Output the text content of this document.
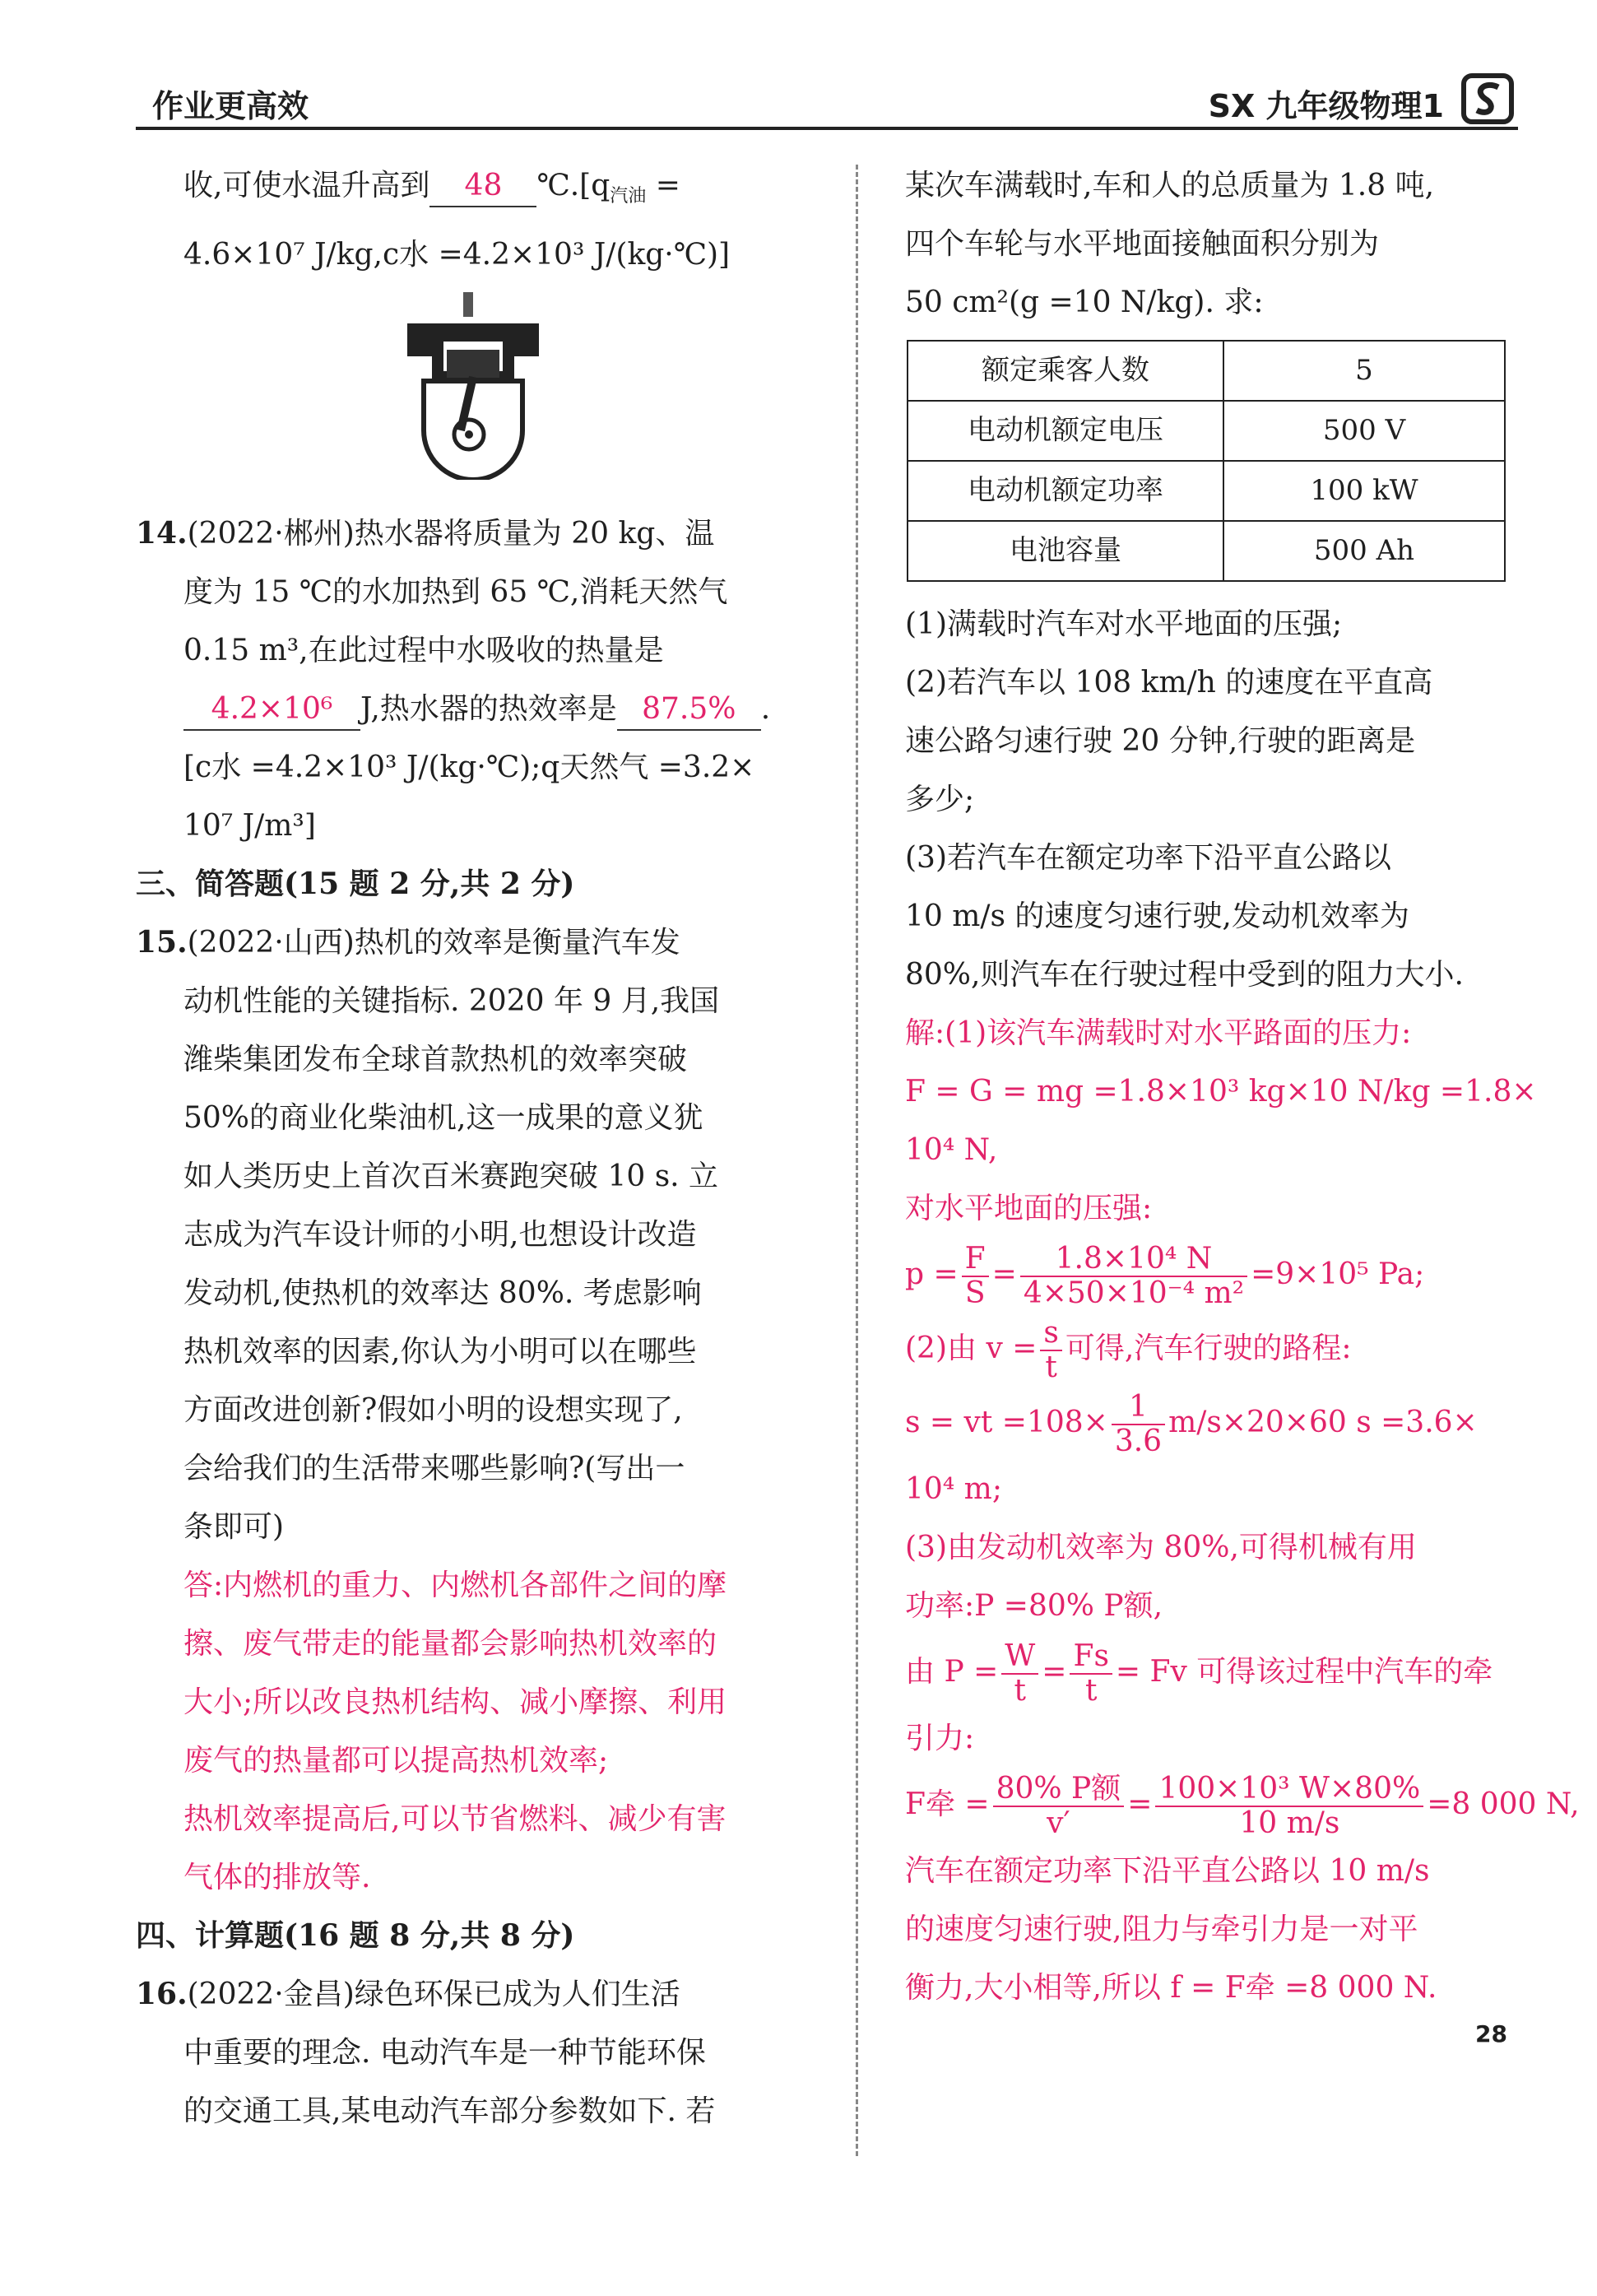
作业更高效	SX 九年级物理1
收,可使水温升高到 48 $℃.[q_{汽油}$ =
4.6×10⁷ J/kg,c水 =4.2×10³ J/(kg·℃)]
14.(2022·郴州)热水器将质量为 20 kg、温
度为 15 ℃的水加热到 65 ℃,消耗天然气
0.15 m³,在此过程中水吸收的热量是
4.2×10⁶ J,热水器的热效率是 87.5% .
[c水 =4.2×10³ J/(kg·℃);q天然气 =3.2×
10⁷ J/m³]
三、简答题(15 题 2 分,共 2 分)
15.(2022·山西)热机的效率是衡量汽车发
动机性能的关键指标. 2020 年 9 月,我国
潍柴集团发布全球首款热机的效率突破
50%的商业化柴油机,这一成果的意义犹
如人类历史上首次百米赛跑突破 10 s. 立
志成为汽车设计师的小明,也想设计改造
发动机,使热机的效率达 80%. 考虑影响
热机效率的因素,你认为小明可以在哪些
方面改进创新?假如小明的设想实现了,
会给我们的生活带来哪些影响?(写出一
条即可)
答:内燃机的重力、内燃机各部件之间的摩
擦、废气带走的能量都会影响热机效率的
大小;所以改良热机结构、减小摩擦、利用
废气的热量都可以提高热机效率;
热机效率提高后,可以节省燃料、减少有害
气体的排放等.
四、计算题(16 题 8 分,共 8 分)
16.(2022·金昌)绿色环保已成为人们生活
中重要的理念. 电动汽车是一种节能环保
的交通工具,某电动汽车部分参数如下. 若
某次车满载时,车和人的总质量为 1.8 吨,
四个车轮与水平地面接触面积分别为
50 cm²(g =10 N/kg). 求:
额定乘客人数	5
电动机额定电压	500 V
电动机额定功率	100 kW
电池容量	500 Ah
(1)满载时汽车对水平地面的压强;
(2)若汽车以 108 km/h 的速度在平直高
速公路匀速行驶 20 分钟,行驶的距离是
多少;
(3)若汽车在额定功率下沿平直公路以
10 m/s 的速度匀速行驶,发动机效率为
80%,则汽车在行驶过程中受到的阻力大小.
解:(1)该汽车满载时对水平路面的压力:
F = G = mg =1.8×10³ kg×10 N/kg =1.8×
10⁴ N,
对水平地面的压强:
$p = \frac{F}{S} = \frac{\text{1.8×10⁴ N}}{\text{4×50×10⁻⁴ m²}} =9\times 10^5$ Pa;
(2)由 $v = \frac{s}{t}$ 可得,汽车行驶的路程:
s = vt $=108\times \frac{1}{3.6} m/s\times 20\times 60$ s =3.6×
10⁴ m;
(3)由发动机效率为 80%,可得机械有用
功率:P =80% P额,
由 $P = \frac{W}{t} = \frac{Fs}{t} = Fv$ 可得该过程中汽车的牵
引力:
F牵 = $\frac{\text{80\% P额}}{v'} = \frac{\text{100×10³ W×80\%}}{10 m/s} =8$ 000 N,
汽车在额定功率下沿平直公路以 10 m/s
的速度匀速行驶,阻力与牵引力是一对平
衡力,大小相等,所以 f = F牵 =8 000 N.
28
